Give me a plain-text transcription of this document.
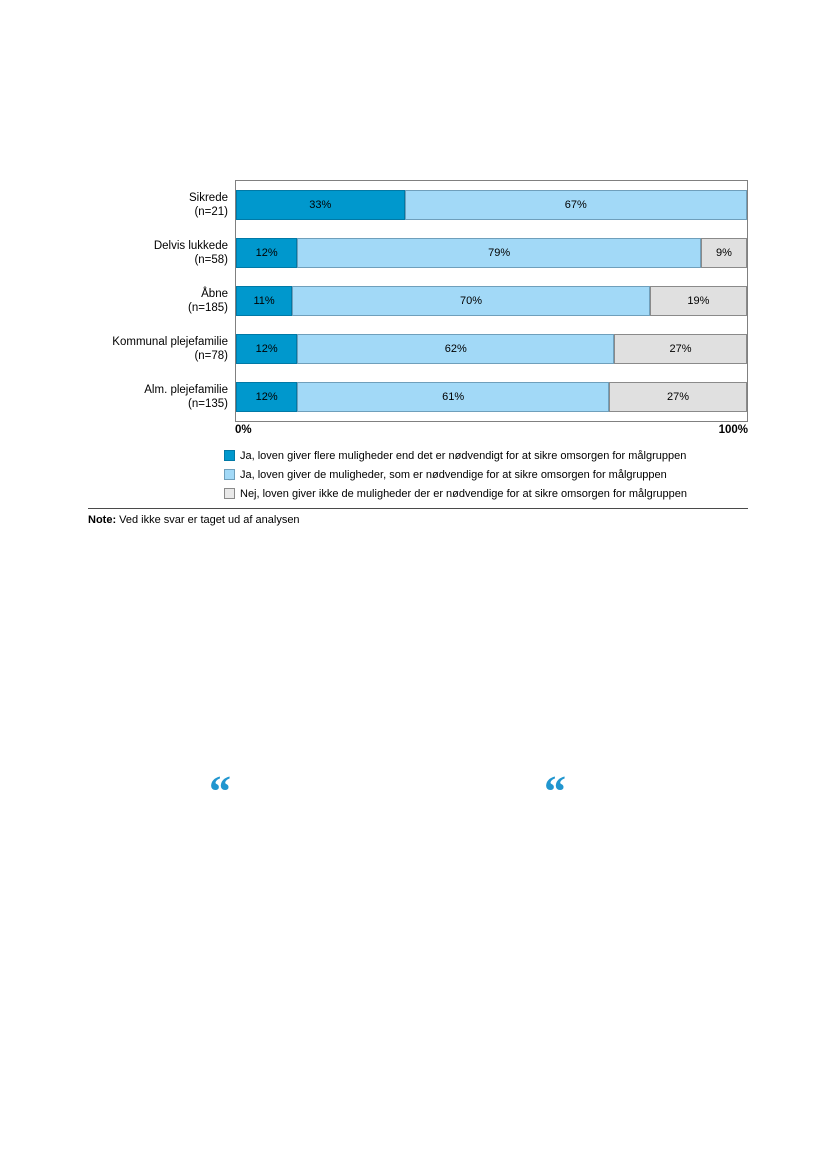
Sikrede
(n=21)
33%	67%
Delvis lukkede
(n=58)
12%	79%	9%
Åbne
(n=185)
11%	70%	19%
Kommunal plejefamilie
(n=78)
12%	62%	27%
Alm. plejefamilie
(n=135)
12%	61%	27%
0%	100%
Ja, loven giver flere muligheder end det er nødvendigt for at sikre omsorgen for målgruppen
Ja, loven giver de muligheder, som er nødvendige for at sikre omsorgen for målgruppen
Nej, loven giver ikke de muligheder der er nødvendige for at sikre omsorgen for målgruppen
Note: Ved ikke svar er taget ud af analysen
“	“
